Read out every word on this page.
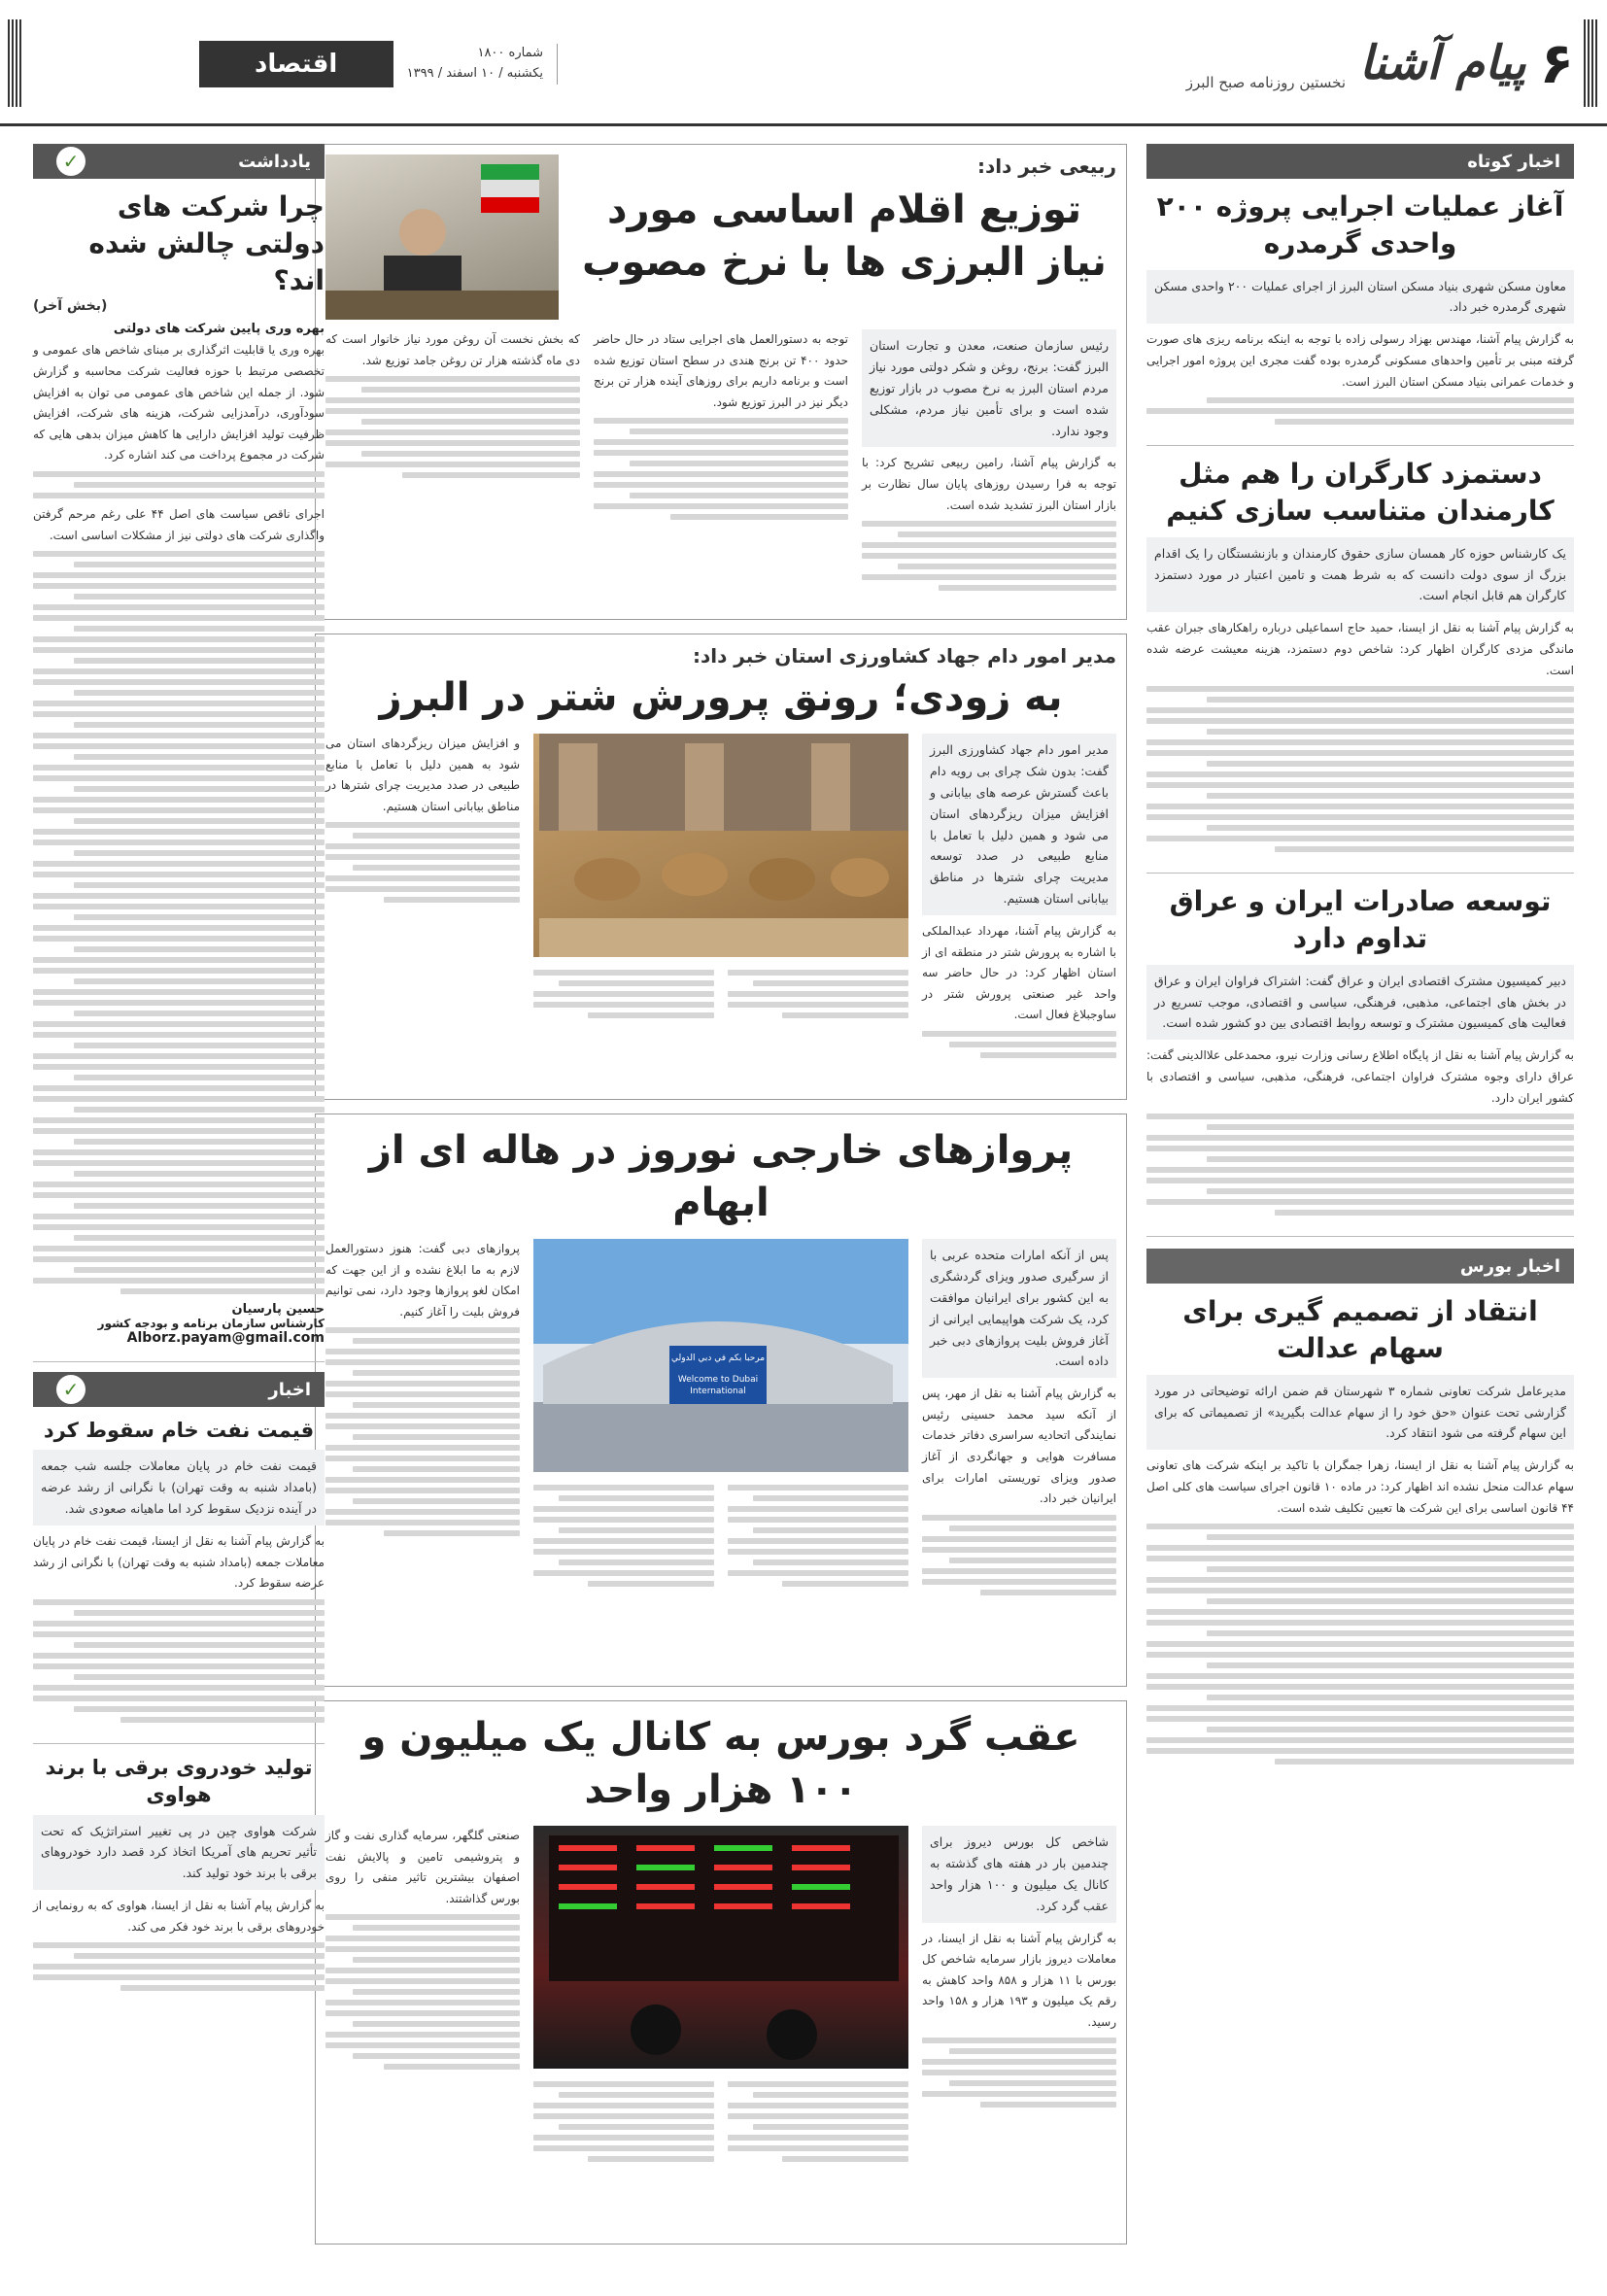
۶
پیام آشنا
نخستین روزنامه صبح البرز
شماره ۱۸۰۰
یکشنبه / ۱۰ اسفند / ۱۳۹۹
اقتصاد
اخبار کوتاه
آغاز عملیات اجرایی پروژه ۲۰۰ واحدی گرمدره
معاون مسکن شهری بنیاد مسکن استان البرز از اجرای عملیات ۲۰۰ واحدی مسکن شهری گرمدره خبر داد.
به گزارش پیام آشنا، مهندس بهزاد رسولی زاده با توجه به اینکه برنامه ریزی های صورت گرفته مبنی بر تأمین واحدهای مسکونی گرمدره بوده گفت مجری این پروژه امور اجرایی و خدمات عمرانی بنیاد مسکن استان البرز است.
دستمزد کارگران را هم مثل کارمندان متناسب سازی کنیم
یک کارشناس حوزه کار همسان سازی حقوق کارمندان و بازنشستگان را یک اقدام بزرگ از سوی دولت دانست که به شرط همت و تامین اعتبار در مورد دستمزد کارگران هم قابل انجام است.
به گزارش پیام آشنا به نقل از ایسنا، حمید حاج اسماعیلی درباره راهکارهای جبران عقب ماندگی مزدی کارگران اظهار کرد: شاخص دوم دستمزد، هزینه معیشت عرضه شده است.
توسعه صادرات ایران و عراق تداوم دارد
دبیر کمیسیون مشترک اقتصادی ایران و عراق گفت: اشتراک فراوان ایران و عراق در بخش های اجتماعی، مذهبی، فرهنگی، سیاسی و اقتصادی، موجب تسریع در فعالیت های کمیسیون مشترک و توسعه روابط اقتصادی بین دو کشور شده است.
به گزارش پیام آشنا به نقل از پایگاه اطلاع رسانی وزارت نیرو، محمدعلی علاالدینی گفت: عراق دارای وجوه مشترک فراوان اجتماعی، فرهنگی، مذهبی، سیاسی و اقتصادی با کشور ایران دارد.
اخبار بورس
انتقاد از تصمیم گیری برای سهام عدالت
مدیرعامل شرکت تعاونی شماره ۳ شهرستان قم ضمن ارائه توضیحاتی در مورد گزارشی تحت عنوان «حق خود را از سهام عدالت بگیرید» از تصمیماتی که برای این سهام گرفته می شود انتقاد کرد.
به گزارش پیام آشنا به نقل از ایسنا، زهرا جمگران با تاکید بر اینکه شرکت های تعاونی سهام عدالت منحل نشده اند اظهار کرد: در ماده ۱۰ قانون اجرای سیاست های کلی اصل ۴۴ قانون اساسی برای این شرکت ها تعیین تکلیف شده است.
ربیعی خبر داد:
توزیع اقلام اساسی مورد نیاز البرزی ها با نرخ مصوب
رئیس سازمان صنعت، معدن و تجارت استان البرز گفت: برنج، روغن و شکر دولتی مورد نیاز مردم استان البرز به نرخ مصوب در بازار توزیع شده است و برای تأمین نیاز مردم، مشکلی وجود ندارد.
به گزارش پیام آشنا، رامین ربیعی تشریح کرد: با توجه به فرا رسیدن روزهای پایان سال نظارت بر بازار استان البرز تشدید شده است.
توجه به دستورالعمل های اجرایی ستاد در حال حاضر حدود ۴۰۰ تن برنج هندی در سطح استان توزیع شده است و برنامه داریم برای روزهای آینده هزار تن برنج دیگر نیز در البرز توزیع شود.
که بخش نخست آن روغن مورد نیاز خانوار است که دی ماه گذشته هزار تن روغن جامد توزیع شد.
مدیر امور دام جهاد کشاورزی استان خبر داد:
به زودی؛ رونق پرورش شتر در البرز
مدیر امور دام جهاد کشاورزی البرز گفت: بدون شک چرای بی رویه دام باعث گسترش عرصه های بیابانی و افزایش میزان ریزگردهای استان می شود و همین دلیل با تعامل با منابع طبیعی در صدد توسعه مدیریت چرای شترها در مناطق بیابانی استان هستیم.
به گزارش پیام آشنا، مهرداد عبدالملکی با اشاره به پرورش شتر در منطقه ای از استان اظهار کرد: در حال حاضر سه واحد غیر صنعتی پرورش شتر در ساوجبلاغ فعال است.
و افزایش میزان ریزگردهای استان می شود به همین دلیل با تعامل با منابع طبیعی در صدد مدیریت چرای شترها در مناطق بیابانی استان هستیم.
پروازهای خارجی نوروز در هاله ای از ابهام
پس از آنکه امارات متحده عربی با از سرگیری صدور ویزای گردشگری به این کشور برای ایرانیان موافقت کرد، یک شرکت هواپیمایی ایرانی از آغاز فروش بلیت پروازهای دبی خبر داده است.
به گزارش پیام آشنا به نقل از مهر، پس از آنکه سید محمد حسینی رئیس نمایندگی اتحادیه سراسری دفاتر خدمات مسافرت هوایی و جهانگردی از آغاز صدور ویزای توریستی امارات برای ایرانیان خبر داد.
مرحبا بكم في دبي الدولي
Welcome to Dubai International
پروازهای دبی گفت: هنوز دستورالعمل لازم به ما ابلاغ نشده و از این جهت که امکان لغو پروازها وجود دارد، نمی توانیم فروش بلیت را آغاز کنیم.
عقب گرد بورس به کانال یک میلیون و ۱۰۰ هزار واحد
شاخص کل بورس دیروز برای چندمین بار در هفته های گذشته به کانال یک میلیون و ۱۰۰ هزار واحد عقب گرد کرد.
به گزارش پیام آشنا به نقل از ایسنا، در معاملات دیروز بازار سرمایه شاخص کل بورس با ۱۱ هزار و ۸۵۸ واحد کاهش به رقم یک میلیون و ۱۹۳ هزار و ۱۵۸ واحد رسید.
صنعتی گلگهر، سرمایه گذاری نفت و گاز و پتروشیمی تامین و پالایش نفت اصفهان بیشترین تاثیر منفی را روی بورس گذاشتند.
یادداشت
✓
چرا شرکت های دولتی چالش شده اند؟
(بخش آخر)
بهره وری پایین شرکت های دولتی
بهره وری یا قابلیت اثرگذاری بر مبنای شاخص های عمومی و تخصصی مرتبط با حوزه فعالیت شرکت محاسبه و گزارش شود. از جمله این شاخص های عمومی می توان به افزایش سودآوری، درآمدزایی شرکت، هزینه های شرکت، افزایش ظرفیت تولید افزایش دارایی ها کاهش میزان بدهی هایی که شرکت در مجموع پرداخت می کند اشاره کرد.
اجرای ناقص سیاست های اصل ۴۴ علی رغم مرحم گرفتن واگذاری شرکت های دولتی نیز از مشکلات اساسی است.
حسین پارسیان
کارشناس سازمان برنامه و بودجه کشور
Alborz.payam@gmail.com
اخبار
✓
قیمت نفت خام سقوط کرد
قیمت نفت خام در پایان معاملات جلسه شب جمعه (بامداد شنبه به وقت تهران) با نگرانی از رشد عرضه در آینده نزدیک سقوط کرد اما ماهیانه صعودی شد.
به گزارش پیام آشنا به نقل از ایسنا، قیمت نفت خام در پایان معاملات جمعه (بامداد شنبه به وقت تهران) با نگرانی از رشد عرضه سقوط کرد.
تولید خودروی برقی با برند هواوی
شرکت هواوی چین در پی تغییر استراتژیک که تحت تأثیر تحریم های آمریکا اتخاذ کرد قصد دارد خودروهای برقی با برند خود تولید کند.
به گزارش پیام آشنا به نقل از ایسنا، هواوی که به رونمایی از خودروهای برقی با برند خود فکر می کند.
